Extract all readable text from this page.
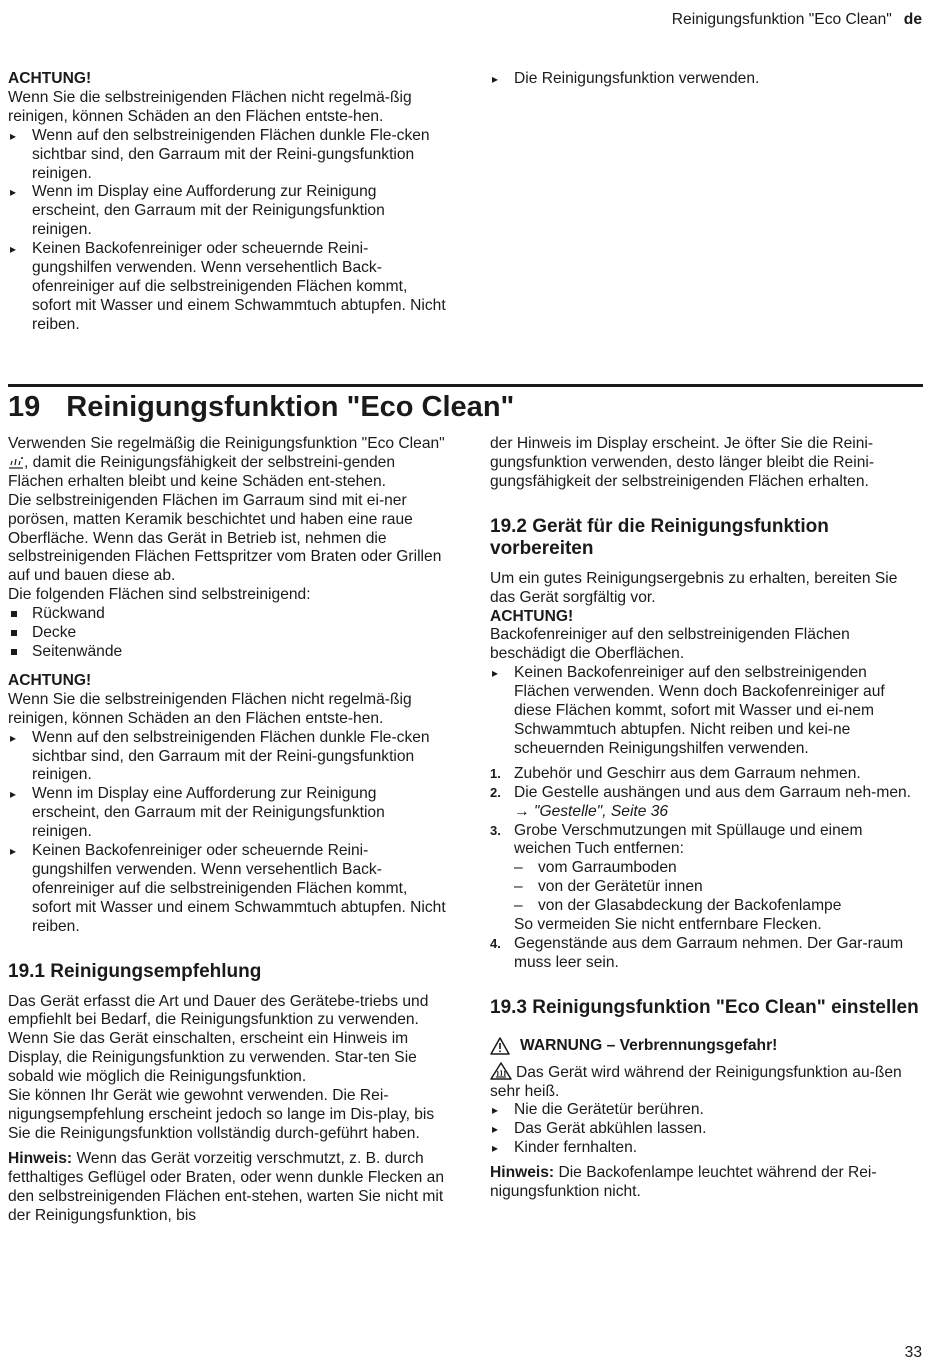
Reinigungsfunktion "Eco Clean" de
ACHTUNG!
Wenn Sie die selbstreinigenden Flächen nicht regelmä-ßig reinigen, können Schäden an den Flächen entste-hen.
▸ Wenn auf den selbstreinigenden Flächen dunkle Fle-cken sichtbar sind, den Garraum mit der Reini-gungsfunktion reinigen.
▸ Wenn im Display eine Aufforderung zur Reinigung erscheint, den Garraum mit der Reinigungsfunktion reinigen.
▸ Keinen Backofenreiniger oder scheuernde Reini-gungshilfen verwenden. Wenn versehentlich Back-ofenreiniger auf die selbstreinigenden Flächen kommt, sofort mit Wasser und einem Schwammtuch abtupfen. Nicht reiben.
▸ Die Reinigungsfunktion verwenden.
19 Reinigungsfunktion "Eco Clean"
Verwenden Sie regelmäßig die Reinigungsfunktion "Eco Clean" , damit die Reinigungsfähigkeit der selbstreini-genden Flächen erhalten bleibt und keine Schäden ent-stehen.
Die selbstreinigenden Flächen im Garraum sind mit ei-ner porösen, matten Keramik beschichtet und haben eine raue Oberfläche. Wenn das Gerät in Betrieb ist, nehmen die selbstreinigenden Flächen Fettspritzer vom Braten oder Grillen auf und bauen diese ab.
Die folgenden Flächen sind selbstreinigend:
Rückwand
Decke
Seitenwände
ACHTUNG!
Wenn Sie die selbstreinigenden Flächen nicht regelmä-ßig reinigen, können Schäden an den Flächen entste-hen.
▸ Wenn auf den selbstreinigenden Flächen dunkle Fle-cken sichtbar sind, den Garraum mit der Reini-gungsfunktion reinigen.
▸ Wenn im Display eine Aufforderung zur Reinigung erscheint, den Garraum mit der Reinigungsfunktion reinigen.
▸ Keinen Backofenreiniger oder scheuernde Reini-gungshilfen verwenden. Wenn versehentlich Back-ofenreiniger auf die selbstreinigenden Flächen kommt, sofort mit Wasser und einem Schwammtuch abtupfen. Nicht reiben.
19.1 Reinigungsempfehlung
Das Gerät erfasst die Art und Dauer des Gerätebe-triebs und empfiehlt bei Bedarf, die Reinigungsfunktion zu verwenden.
Wenn Sie das Gerät einschalten, erscheint ein Hinweis im Display, die Reinigungsfunktion zu verwenden. Star-ten Sie sobald wie möglich die Reinigungsfunktion.
Sie können Ihr Gerät wie gewohnt verwenden. Die Rei-nigungsempfehlung erscheint jedoch so lange im Dis-play, bis Sie die Reinigungsfunktion vollständig durch-geführt haben.
Hinweis: Wenn das Gerät vorzeitig verschmutzt, z. B. durch fetthaltiges Geflügel oder Braten, oder wenn dunkle Flecken an den selbstreinigenden Flächen ent-stehen, warten Sie nicht mit der Reinigungsfunktion, bis
der Hinweis im Display erscheint. Je öfter Sie die Reini-gungsfunktion verwenden, desto länger bleibt die Reini-gungsfähigkeit der selbstreinigenden Flächen erhalten.
19.2 Gerät für die Reinigungsfunktion vorbereiten
Um ein gutes Reinigungsergebnis zu erhalten, bereiten Sie das Gerät sorgfältig vor.
ACHTUNG!
Backofenreiniger auf den selbstreinigenden Flächen beschädigt die Oberflächen.
▸ Keinen Backofenreiniger auf den selbstreinigenden Flächen verwenden. Wenn doch Backofenreiniger auf diese Flächen kommt, sofort mit Wasser und ei-nem Schwammtuch abtupfen. Nicht reiben und kei-ne scheuernden Reinigungshilfen verwenden.
1. Zubehör und Geschirr aus dem Garraum nehmen.
2. Die Gestelle aushängen und aus dem Garraum neh-men.
→ "Gestelle", Seite 36
3. Grobe Verschmutzungen mit Spüllauge und einem weichen Tuch entfernen:
– vom Garraumboden
– von der Gerätetür innen
– von der Glasabdeckung der Backofenlampe
So vermeiden Sie nicht entfernbare Flecken.
4. Gegenstände aus dem Garraum nehmen. Der Gar-raum muss leer sein.
19.3 Reinigungsfunktion "Eco Clean" einstellen
WARNUNG – Verbrennungsgefahr!
Das Gerät wird während der Reinigungsfunktion au-ßen sehr heiß.
▸ Nie die Gerätetür berühren.
▸ Das Gerät abkühlen lassen.
▸ Kinder fernhalten.
Hinweis: Die Backofenlampe leuchtet während der Rei-nigungsfunktion nicht.
33
